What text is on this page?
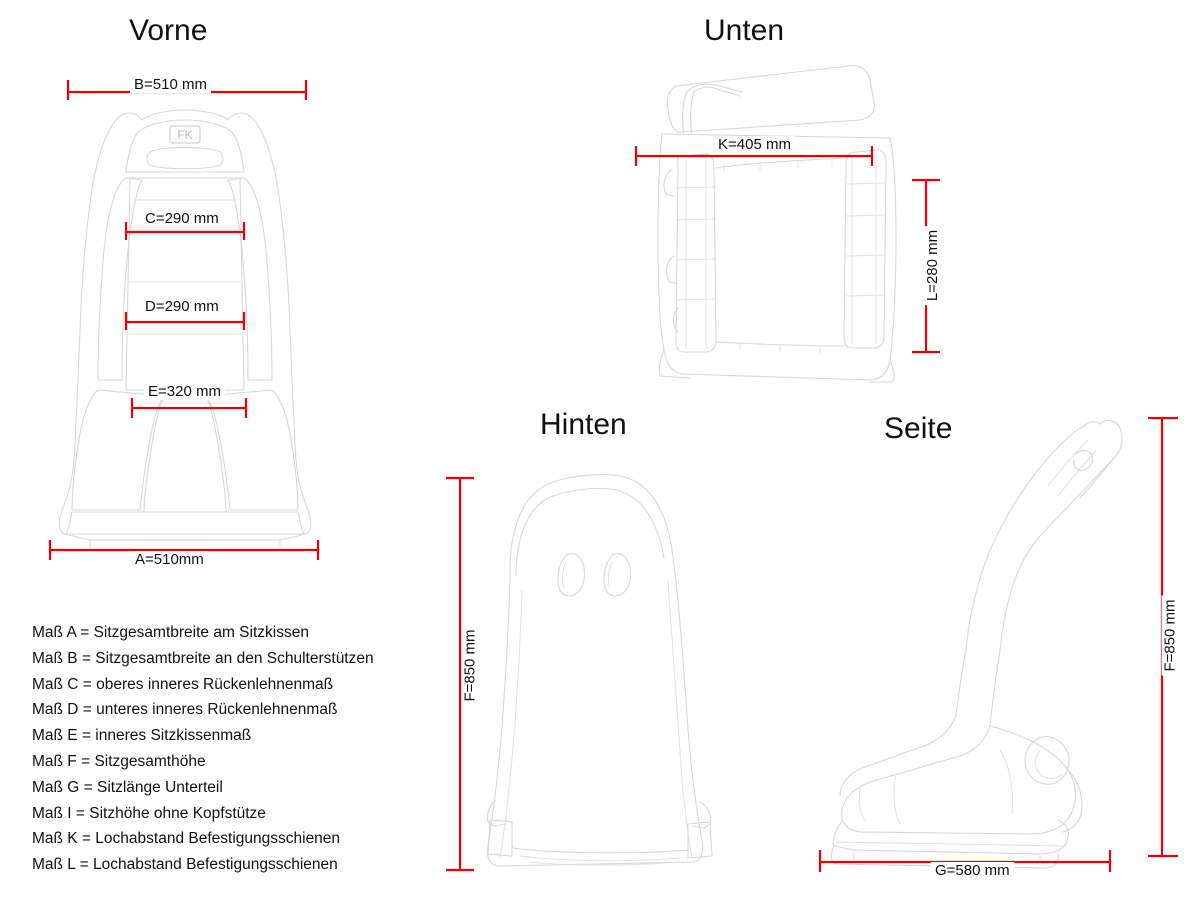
Vorne
FK
B=510 mm
C=290 mm
D=290 mm
E=320 mm
A=510mm
Unten
K=405 mm
L=280 mm
Hinten
F=850 mm
Seite
F=850 mm
G=580 mm
Maß A = Sitzgesamtbreite am Sitzkissen
Maß B = Sitzgesamtbreite an den Schulterstützen
Maß C = oberes inneres Rückenlehnenmaß
Maß D = unteres inneres Rückenlehnenmaß
Maß E = inneres Sitzkissenmaß
Maß F = Sitzgesamthöhe
Maß G = Sitzlänge Unterteil
Maß I = Sitzhöhe ohne Kopfstütze
Maß K = Lochabstand Befestigungsschienen
Maß L = Lochabstand Befestigungsschienen
